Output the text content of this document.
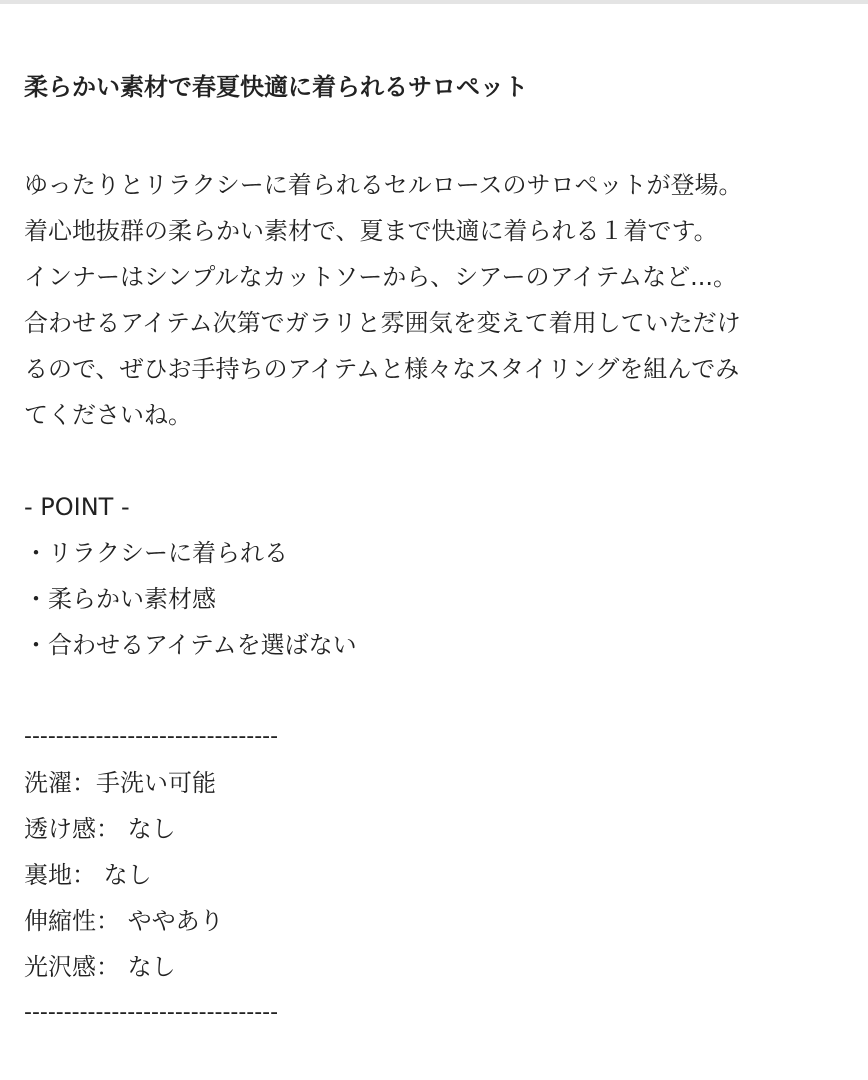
柔らかい素材で春夏快適に着られるサロペット

ゆったりとリラクシーに着られるセルロースのサロペットが登場。

着心地抜群の柔らかい素材で、夏まで快適に着られる１着です。

インナーはシンプルなカットソーから、シアーのアイテムなど...。

合わせるアイテム次第でガラリと雰囲気を変えて着用していただけ

るので、ぜひお手持ちのアイテムと様々なスタイリングを組んでみ

てくださいね。

- POINT -

・リラクシーに着られる

・柔らかい素材感

・合わせるアイテムを選ばない

--------------------------------

洗濯：手洗い可能

透け感： なし

裏地： なし

伸縮性： ややあり

光沢感： なし

--------------------------------
